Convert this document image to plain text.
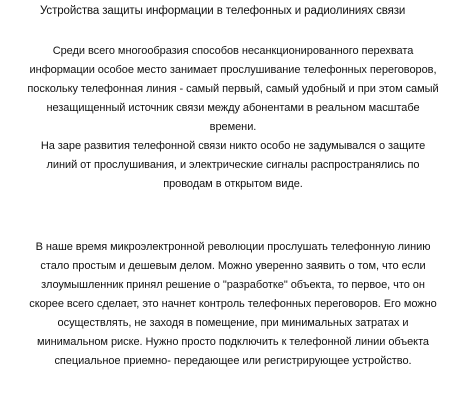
Устройства защиты информации в телефонных и радиолиниях связи
Среди всего многообразия способов несанкционированного перехвата
информации особое место занимает прослушивание телефонных переговоров,
поскольку телефонная линия - самый первый, самый удобный и при этом самый
незащищенный источник связи между абонентами в реальном масштабе
времени.
На заре развития телефонной связи никто особо не задумывался о защите
линий от прослушивания, и электрические сигналы распространялись по
проводам в открытом виде.
В наше время микроэлектронной революции прослушать телефонную линию
стало простым и дешевым делом. Можно уверенно заявить о том, что если
злоумышленник принял решение о "разработке" объекта, то первое, что он
скорее всего сделает, это начнет контроль телефонных переговоров. Его можно
осуществлять, не заходя в помещение, при минимальных затратах и
минимальном риске. Нужно просто подключить к телефонной линии объекта
специальное приемно- передающее или регистрирующее устройство.
